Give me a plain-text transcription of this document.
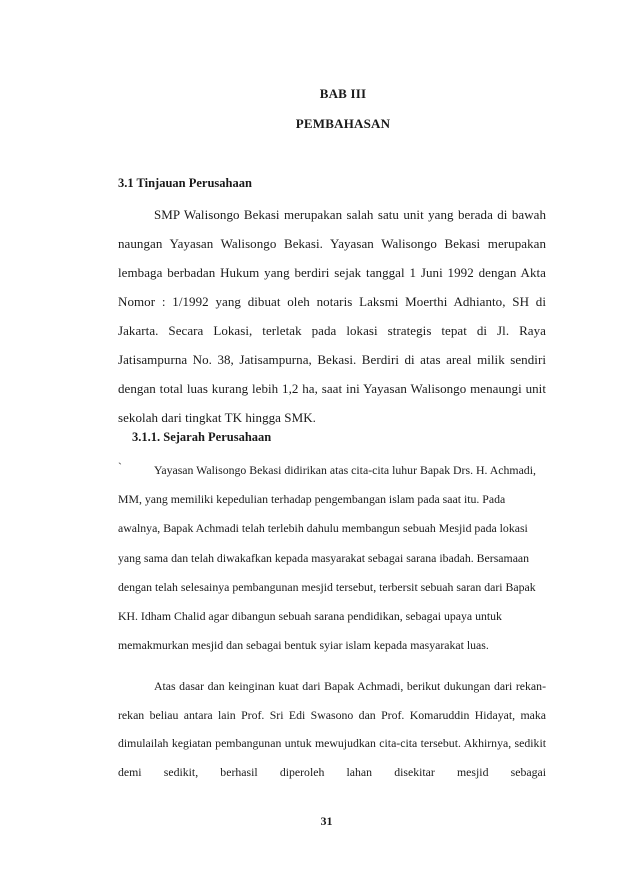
BAB III
PEMBAHASAN
3.1 Tinjauan Perusahaan

SMP Walisongo Bekasi merupakan salah satu unit yang berada di bawah naungan Yayasan Walisongo Bekasi. Yayasan Walisongo Bekasi merupakan lembaga berbadan Hukum yang berdiri sejak tanggal 1 Juni 1992 dengan Akta Nomor : 1/1992 yang dibuat oleh notaris Laksmi Moerthi Adhianto, SH di Jakarta. Secara Lokasi, terletak pada lokasi strategis tepat di Jl. Raya Jatisampurna No. 38, Jatisampurna, Bekasi. Berdiri di atas areal milik sendiri dengan total luas kurang lebih 1,2 ha, saat ini Yayasan Walisongo menaungi unit sekolah dari tingkat TK hingga SMK.

3.1.1. Sejarah Perusahaan
`	Yayasan Walisongo Bekasi didirikan atas cita-cita luhur Bapak Drs. H. Achmadi, MM, yang memiliki kepedulian terhadap pengembangan islam pada saat itu. Pada awalnya, Bapak Achmadi telah terlebih dahulu membangun sebuah Mesjid pada lokasi yang sama dan telah diwakafkan kepada masyarakat sebagai sarana ibadah. Bersamaan dengan telah selesainya pembangunan mesjid tersebut, terbersit sebuah saran dari Bapak KH. Idham Chalid agar dibangun sebuah sarana pendidikan, sebagai upaya untuk memakmurkan mesjid dan sebagai bentuk syiar islam kepada masyarakat luas.

Atas dasar dan keinginan kuat dari Bapak Achmadi, berikut dukungan dari rekan-rekan beliau antara lain Prof. Sri Edi Swasono dan Prof. Komaruddin Hidayat, maka dimulailah kegiatan pembangunan untuk mewujudkan cita-cita tersebut. Akhirnya, sedikit demi sedikit, berhasil diperoleh lahan disekitar mesjid sebagai

31
